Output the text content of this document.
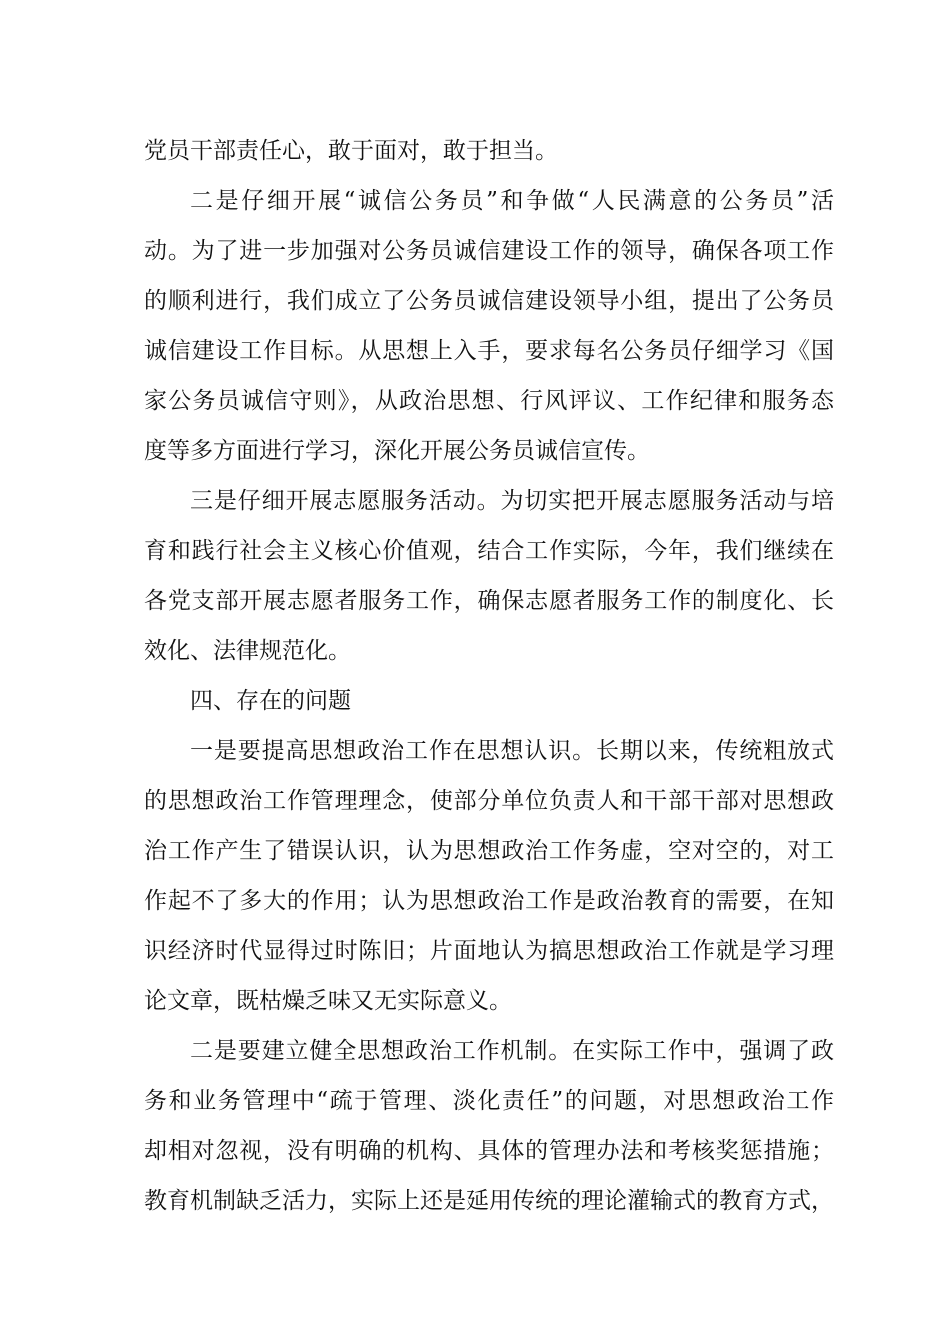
党员干部责任心，敢于面对，敢于担当。
二是仔细开展“诚信公务员”和争做“人民满意的公务员”活
动。为了进一步加强对公务员诚信建设工作的领导，确保各项工作
的顺利进行，我们成立了公务员诚信建设领导小组，提出了公务员
诚信建设工作目标。从思想上入手，要求每名公务员仔细学习《国
家公务员诚信守则》，从政治思想、行风评议、工作纪律和服务态
度等多方面进行学习，深化开展公务员诚信宣传。
三是仔细开展志愿服务活动。为切实把开展志愿服务活动与培
育和践行社会主义核心价值观，结合工作实际，今年，我们继续在
各党支部开展志愿者服务工作，确保志愿者服务工作的制度化、长
效化、法律规范化。
四、存在的问题
一是要提高思想政治工作在思想认识。长期以来，传统粗放式
的思想政治工作管理理念，使部分单位负责人和干部干部对思想政
治工作产生了错误认识，认为思想政治工作务虚，空对空的，对工
作起不了多大的作用；认为思想政治工作是政治教育的需要，在知
识经济时代显得过时陈旧；片面地认为搞思想政治工作就是学习理
论文章，既枯燥乏味又无实际意义。
二是要建立健全思想政治工作机制。在实际工作中，强调了政
务和业务管理中“疏于管理、淡化责任”的问题，对思想政治工作
却相对忽视，没有明确的机构、具体的管理办法和考核奖惩措施；
教育机制缺乏活力，实际上还是延用传统的理论灌输式的教育方式，
